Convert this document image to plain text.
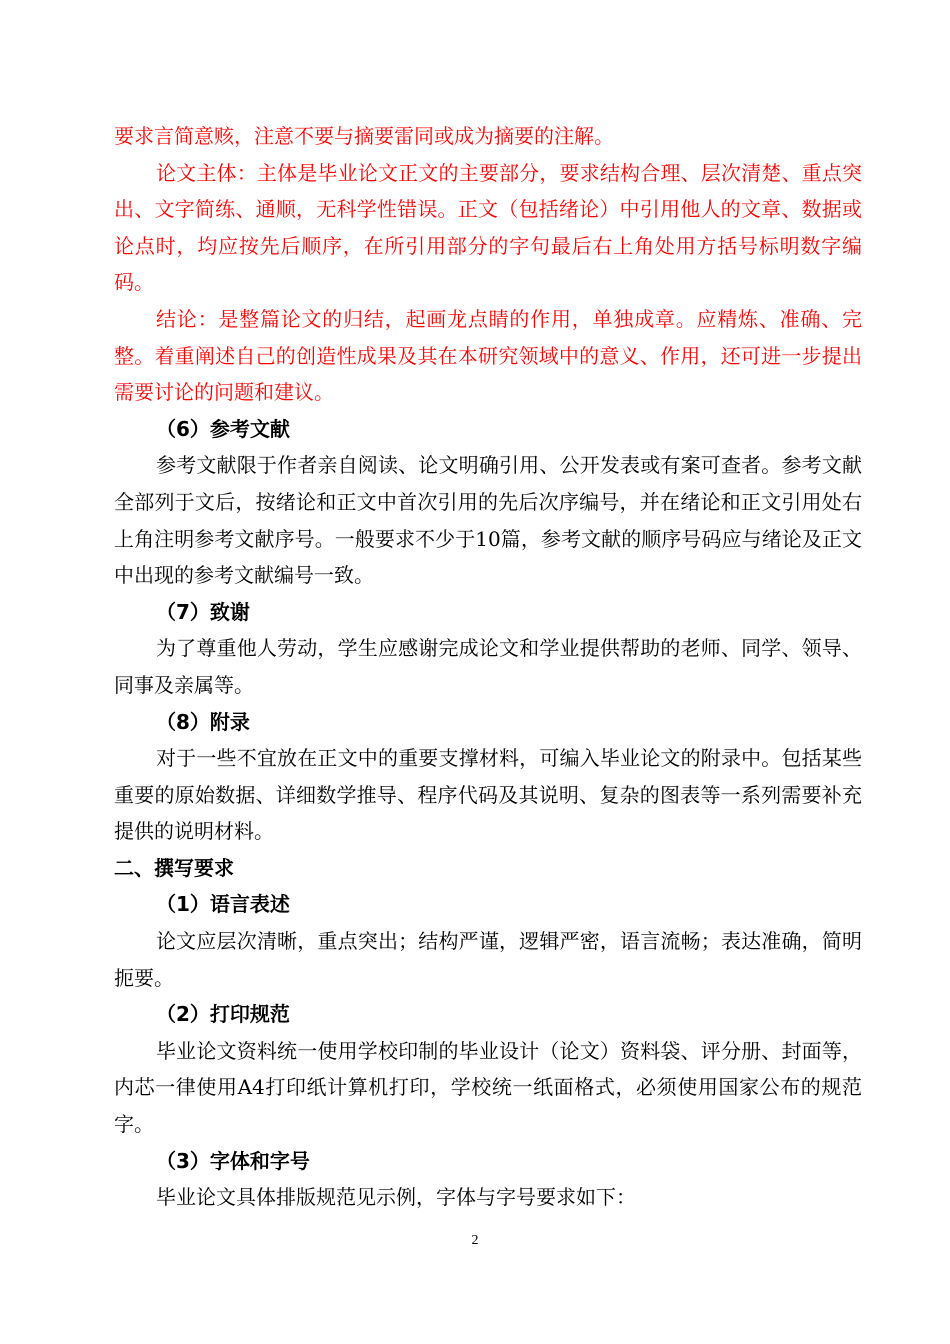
要求言简意赅，注意不要与摘要雷同或成为摘要的注解。

论文主体：主体是毕业论文正文的主要部分，要求结构合理、层次清楚、重点突出、文字简练、通顺，无科学性错误。正文（包括绪论）中引用他人的文章、数据或论点时，均应按先后顺序，在所引用部分的字句最后右上角处用方括号标明数字编码。

结论：是整篇论文的归结，起画龙点睛的作用，单独成章。应精炼、准确、完整。着重阐述自己的创造性成果及其在本研究领域中的意义、作用，还可进一步提出需要讨论的问题和建议。

（6）参考文献

参考文献限于作者亲自阅读、论文明确引用、公开发表或有案可查者。参考文献全部列于文后，按绪论和正文中首次引用的先后次序编号，并在绪论和正文引用处右上角注明参考文献序号。一般要求不少于10篇，参考文献的顺序号码应与绪论及正文中出现的参考文献编号一致。

（7）致谢

为了尊重他人劳动，学生应感谢完成论文和学业提供帮助的老师、同学、领导、同事及亲属等。

（8）附录

对于一些不宜放在正文中的重要支撑材料，可编入毕业论文的附录中。包括某些重要的原始数据、详细数学推导、程序代码及其说明、复杂的图表等一系列需要补充提供的说明材料。

二、撰写要求

（1）语言表述

论文应层次清晰，重点突出；结构严谨，逻辑严密，语言流畅；表达准确，简明扼要。

（2）打印规范

毕业论文资料统一使用学校印制的毕业设计（论文）资料袋、评分册、封面等，内芯一律使用A4打印纸计算机打印，学校统一纸面格式，必须使用国家公布的规范字。

（3）字体和字号

毕业论文具体排版规范见示例，字体与字号要求如下：

2
